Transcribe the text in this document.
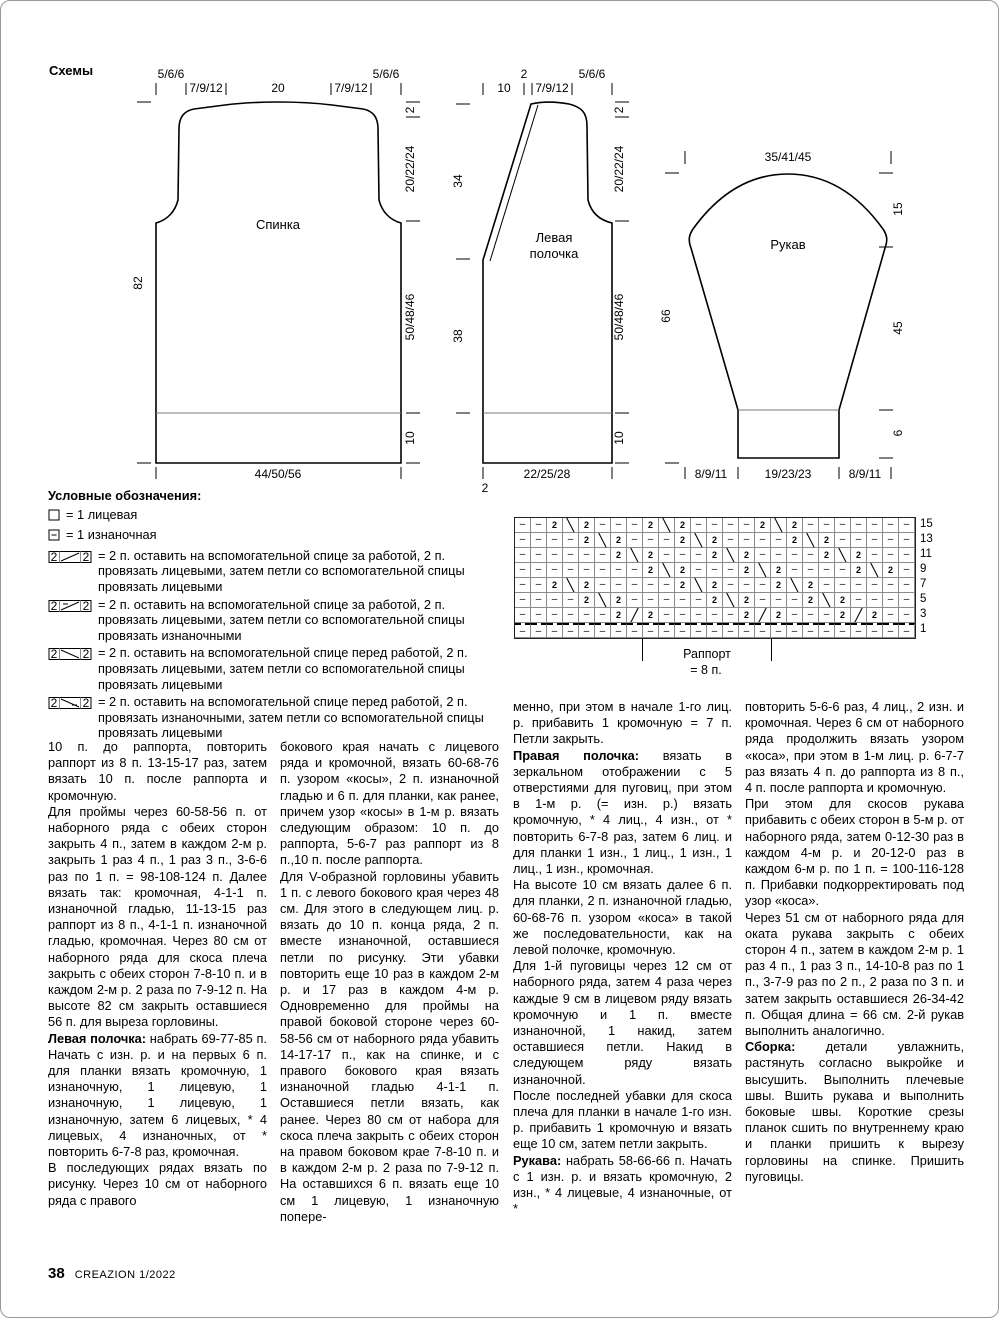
Схемы	5/6/6
7/9/12	20	7/9/12
5/6/6
82
2
20/22/24
50/48/46
10
44/50/56
Спинка
10
2
7/9/12
5/6/6
34
38
2
20/22/24
50/48/46
10
22/25/28
2
Левая
полочка
35/41/45
66
15
45
6
8/9/11	19/23/23	8/9/11
Рукав
Условные обозначения:
= 1 лицевая
= 1 изнаночная
2 2 = 2 п. оставить на вспомогательной спице за работой, 2 п. провязать лицевыми, затем петли со вспомогательной спицы провязать лицевыми
2 2 = 2 п. оставить на вспомогательной спице за работой, 2 п. провязать лицевыми, затем петли со вспомогательной спицы провязать изнаночными
2 2 = 2 п. оставить на вспомогательной спице перед работой, 2 п. провязать лицевыми, затем петли со вспомогательной спицы провязать лицевыми
2 2 = 2 п. оставить на вспомогательной спице перед работой, 2 п. провязать изнаночными, затем петли со вспомогательной спицы провязать лицевыми
–	–	2 ╲	2	–	–	–	2 ╲	2	–	–	–	–	2 ╲	2	–	–	–	–	–	–	–
–	–	–	–	2 ╲	2	–	–	–	2 ╲	2	–	–	–	–	2 ╲	2	–	–	–	–	–
–	–	–	–	–	–	2 ╲	2	–	–	–	2 ╲	2	–	–	–	–	2 ╲	2	–	–	–
–	–	–	–	–	–	–	–	2 ╲	2	–	–	–	2 ╲	2	–	–	–	–	2 ╲	2	–
–	–	2 ╲	2	–	–	–	–	–	2 ╲	2	–	–	–	2 ╲	2	–	–	–	–	–	–
–	–	–	–	2 ╲	2	–	–	–	–	–	2 ╲	2	–	–	–	2 ╲	2	–	–	–	–
–	–	–	–	–	–	2 ╱	2	–	–	–	–	–	2 ╱	2	–	–	–	2 ╱	2	–	–
–	–	–	–	–	–	–	–	–	–	–	–	–	–	–	–	–	–	–	–	–	–	–	–	–
15
13
11
9
7
5
3
1
Раппорт
= 8 п.

10 п. до раппорта, повторить раппорт из 8 п. 13-15-17 раз, затем вязать 10 п. после раппорта и кромочную.

Для проймы через 60-58-56 п. от наборного ряда с обеих сторон закрыть 4 п., затем в каждом 2-м р. закрыть 1 раз 4 п., 1 раз 3 п., 3-6-6 раз по 1 п. = 98-108-124 п. Далее вязать так: кромочная, 4-1-1 п. изнаночной гладью, 11-13-15 раз раппорт из 8 п., 4-1-1 п. изнаночной гладью, кромочная. Через 80 см от наборного ряда для скоса плеча закрыть с обеих сторон 7-8-10 п. и в каждом 2-м р. 2 раза по 7-9-12 п. На высоте 82 см закрыть оставшиеся 56 п. для выреза горловины.

Левая полочка: набрать 69-77-85 п. Начать с изн. р. и на первых 6 п. для планки вязать кромочную, 1 изнаночную, 1 лицевую, 1 изнаночную, 1 лицевую, 1 изнаночную, затем 6 лицевых, * 4 лицевых, 4 изнаночных, от * повторить 6-7-8 раз, кромочная.

В последующих рядах вязать по рисунку. Через 10 см от наборного ряда с правого

бокового края начать с лицевого ряда и кромочной, вязать 60-68-76 п. узором «косы», 2 п. изнаночной гладью и 6 п. для планки, как ранее, причем узор «косы» в 1-м р. вязать следующим образом: 10 п. до раппорта, 5-6-7 раз раппорт из 8 п.,10 п. после раппорта.

Для V-образной горловины убавить 1 п. с левого бокового края через 48 см. Для этого в следующем лиц. р. вязать до 10 п. конца ряда, 2 п. вместе изнаночной, оставшиеся петли по рисунку. Эти убавки повторить еще 10 раз в каждом 2-м р. и 17 раз в каждом 4-м р. Одновременно для проймы на правой боковой стороне через 60-58-56 см от наборного ряда убавить 14-17-17 п., как на спинке, и с правого бокового края вязать изнаночной гладью 4-1-1 п. Оставшиеся петли вязать, как ранее. Через 80 см от набора для скоса плеча закрыть с обеих сторон на правом боковом крае 7-8-10 п. и в каждом 2-м р. 2 раза по 7-9-12 п. На оставшихся 6 п. вязать еще 10 см 1 лицевую, 1 изнаночную попере-

менно, при этом в начале 1-го лиц. р. прибавить 1 кромочную = 7 п. Петли закрыть.

Правая полочка: вязать в зеркальном отображении с 5 отверстиями для пуговиц, при этом в 1-м р. (= изн. р.) вязать кромочную, * 4 лиц., 4 изн., от * повторить 6-7-8 раз, затем 6 лиц. и для планки 1 изн., 1 лиц., 1 изн., 1 лиц., 1 изн., кромочная.

На высоте 10 см вязать далее 6 п. для планки, 2 п. изнаночной гладью, 60-68-76 п. узором «коса» в такой же последовательности, как на левой полочке, кромочную.

Для 1-й пуговицы через 12 см от наборного ряда, затем 4 раза через каждые 9 см в лицевом ряду вязать кромочную и 1 п. вместе изнаночной, 1 накид, затем оставшиеся петли. Накид в следующем ряду вязать изнаночной.

После последней убавки для скоса плеча для планки в начале 1-го изн. р. прибавить 1 кромочную и вязать еще 10 см, затем петли закрыть.

Рукава: набрать 58-66-66 п. Начать с 1 изн. р. и вязать кромочную, 2 изн., * 4 лицевые, 4 изнаночные, от *

повторить 5-6-6 раз, 4 лиц., 2 изн. и кромочная. Через 6 см от наборного ряда продолжить вязать узором «коса», при этом в 1-м лиц. р. 6-7-7 раз вязать 4 п. до раппорта из 8 п., 4 п. после раппорта и кромочную.

При этом для скосов рукава прибавить с обеих сторон в 5-м р. от наборного ряда, затем 0-12-30 раз в каждом 4-м р. и 20-12-0 раз в каждом 6-м р. по 1 п. = 100-116-128 п. Прибавки подкорректировать под узор «коса».

Через 51 см от наборного ряда для оката рукава закрыть с обеих сторон 4 п., затем в каждом 2-м р. 1 раз 4 п., 1 раз 3 п., 14-10-8 раз по 1 п., 3-7-9 раз по 2 п., 2 раза по 3 п. и затем закрыть оставшиеся 26-34-42 п. Общая длина = 66 см. 2-й рукав выполнить аналогично.

Сборка: детали увлажнить, растянуть согласно выкройке и высушить. Выполнить плечевые швы. Вшить рукава и выполнить боковые швы. Короткие срезы планок сшить по внутреннему краю и планки пришить к вырезу горловины на спинке. Пришить пуговицы.

38 CREAZION 1/2022
